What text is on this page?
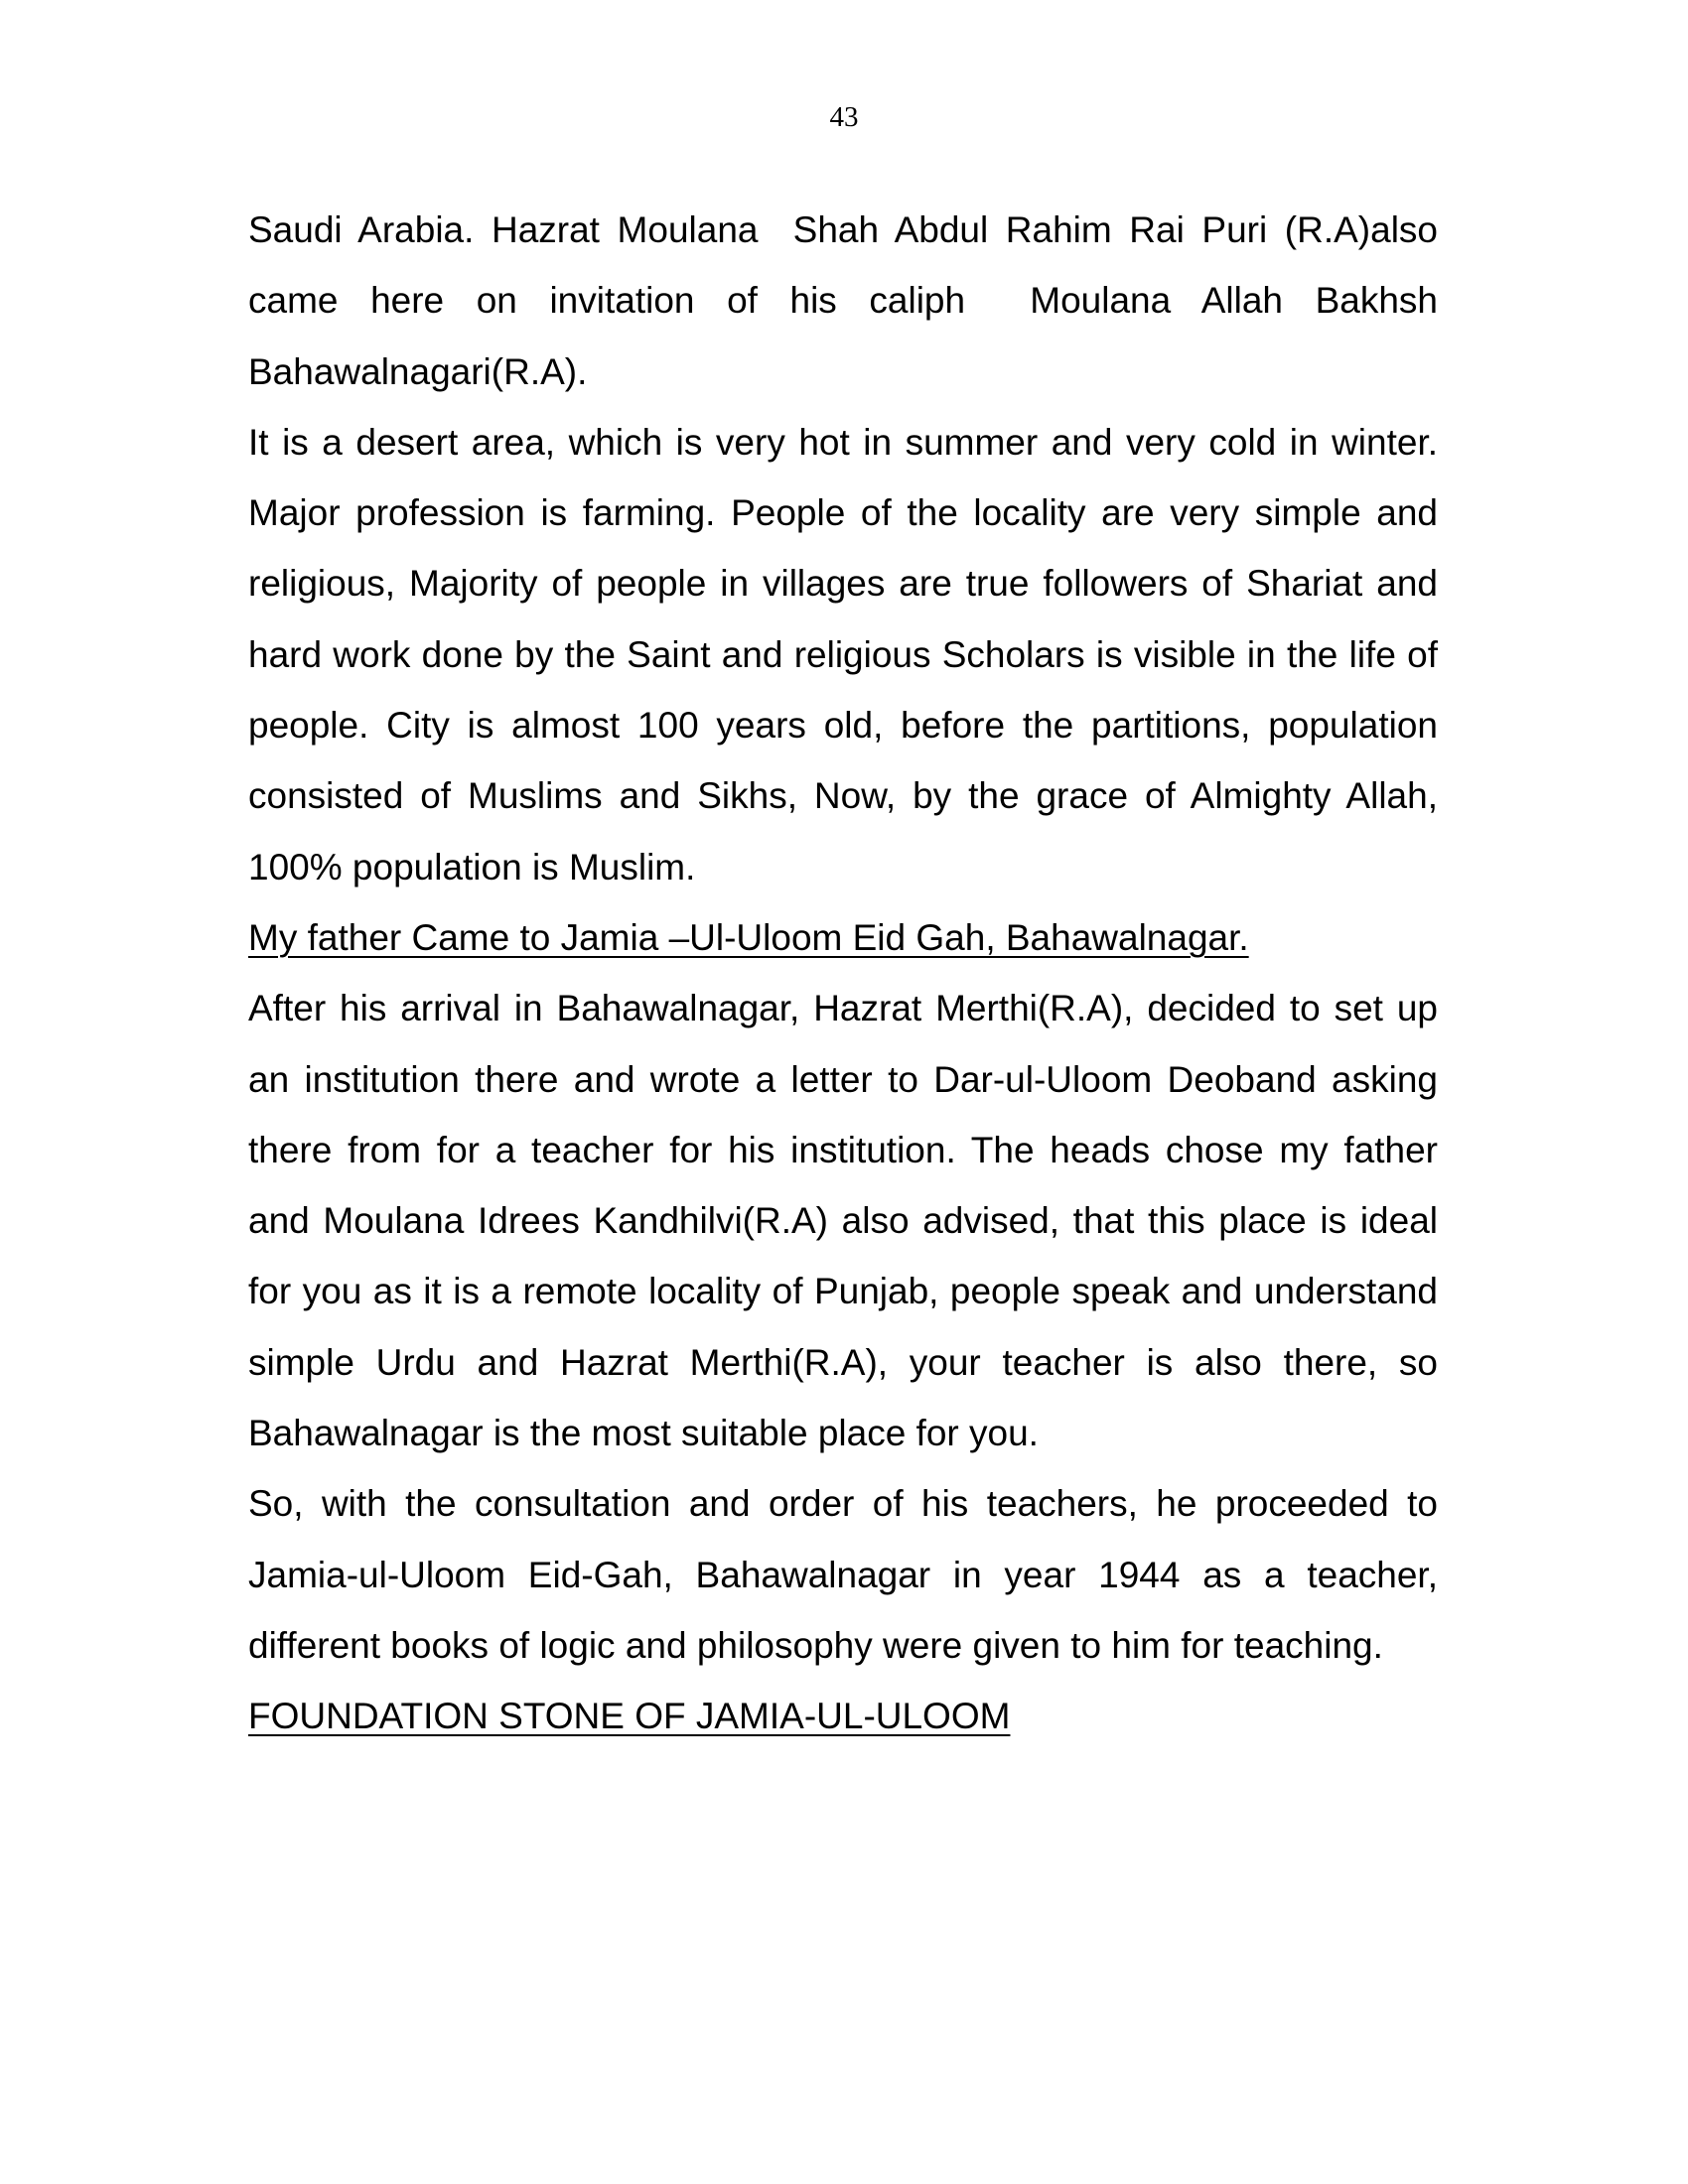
43

Saudi Arabia. Hazrat Moulana  Shah Abdul Rahim Rai Puri (R.A)also came here on invitation of his caliph  Moulana Allah Bakhsh Bahawalnagari(R.A).

It is a desert area, which is very hot in summer and very cold in winter. Major profession is farming. People of the locality are very simple and religious, Majority of people in villages are true followers of Shariat and hard work done by the Saint and religious Scholars is visible in the life of people. City is almost 100 years old, before the partitions, population consisted of Muslims and Sikhs, Now, by the grace of Almighty Allah, 100% population is Muslim.

My father Came to Jamia –Ul-Uloom Eid Gah, Bahawalnagar.

After his arrival in Bahawalnagar, Hazrat Merthi(R.A), decided to set up an institution there and wrote a letter to Dar-ul-Uloom Deoband asking there from for a teacher for his institution. The heads chose my father and Moulana Idrees Kandhilvi(R.A) also advised, that this place is ideal for you as it is a remote locality of Punjab, people speak and understand simple Urdu and Hazrat Merthi(R.A), your teacher is also there, so Bahawalnagar is the most suitable place for you.

So, with the consultation and order of his teachers, he proceeded to Jamia-ul-Uloom Eid-Gah, Bahawalnagar in year 1944 as a teacher, different books of logic and philosophy were given to him for teaching.

FOUNDATION STONE OF JAMIA-UL-ULOOM
